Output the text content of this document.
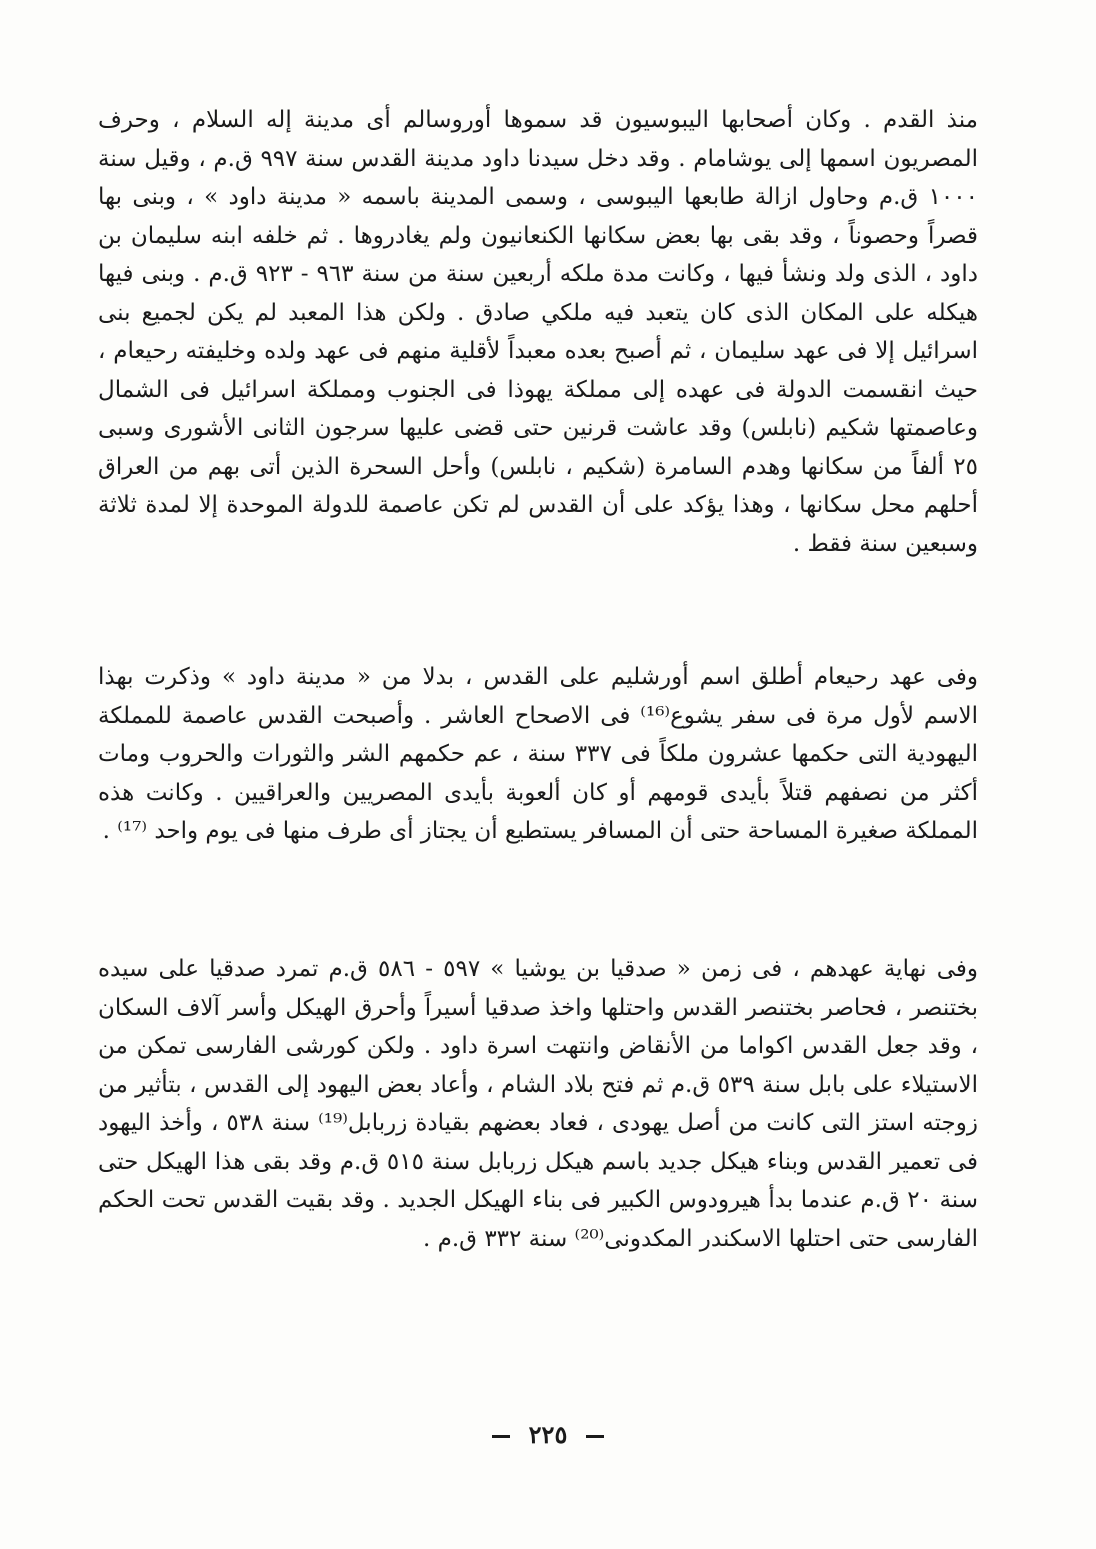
منذ القدم . وكان أصحابها اليبوسيون قد سموها أوروسالم أى مدينة إله السلام ، وحرف المصريون اسمها إلى يوشامام . وقد دخل سيدنا داود مدينة القدس سنة ٩٩٧ ق.م ، وقيل سنة ١٠٠٠ ق.م وحاول ازالة طابعها اليبوسى ، وسمى المدينة باسمه « مدينة داود » ، وبنى بها قصراً وحصوناً ، وقد بقى بها بعض سكانها الكنعانيون ولم يغادروها . ثم خلفه ابنه سليمان بن داود ، الذى ولد ونشأ فيها ، وكانت مدة ملكه أربعين سنة من سنة ٩٦٣ - ٩٢٣ ق.م . وبنى فيها هيكله على المكان الذى كان يتعبد فيه ملكي صادق . ولكن هذا المعبد لم يكن لجميع بنى اسرائيل إلا فى عهد سليمان ، ثم أصبح بعده معبداً لأقلية منهم فى عهد ولده وخليفته رحيعام ، حيث انقسمت الدولة فى عهده إلى مملكة يهوذا فى الجنوب ومملكة اسرائيل فى الشمال وعاصمتها شكيم (نابلس) وقد عاشت قرنين حتى قضى عليها سرجون الثانى الأشورى وسبى ٢٥ ألفاً من سكانها وهدم السامرة (شكيم ، نابلس) وأحل السحرة الذين أتى بهم من العراق أحلهم محل سكانها ، وهذا يؤكد على أن القدس لم تكن عاصمة للدولة الموحدة إلا لمدة ثلاثة وسبعين سنة فقط .

وفى عهد رحيعام أطلق اسم أورشليم على القدس ، بدلا من « مدينة داود » وذكرت بهذا الاسم لأول مرة فى سفر يشوع⁽¹⁶⁾ فى الاصحاح العاشر . وأصبحت القدس عاصمة للمملكة اليهودية التى حكمها عشرون ملكاً فى ٣٣٧ سنة ، عم حكمهم الشر والثورات والحروب ومات أكثر من نصفهم قتلاً بأيدى قومهم أو كان ألعوبة بأيدى المصريين والعراقيين . وكانت هذه المملكة صغيرة المساحة حتى أن المسافر يستطيع أن يجتاز أى طرف منها فى يوم واحد ⁽¹⁷⁾ .

وفى نهاية عهدهم ، فى زمن « صدقيا بن يوشيا » ٥٩٧ - ٥٨٦ ق.م تمرد صدقيا على سيده بختنصر ، فحاصر بختنصر القدس واحتلها واخذ صدقيا أسيراً وأحرق الهيكل وأسر آلاف السكان ، وقد جعل القدس اكواما من الأنقاض وانتهت اسرة داود . ولكن كورشى الفارسى تمكن من الاستيلاء على بابل سنة ٥٣٩ ق.م ثم فتح بلاد الشام ، وأعاد بعض اليهود إلى القدس ، بتأثير من زوجته استز التى كانت من أصل يهودى ، فعاد بعضهم بقيادة زربابل⁽¹⁹⁾ سنة ٥٣٨ ، وأخذ اليهود فى تعمير القدس وبناء هيكل جديد باسم هيكل زربابل سنة ٥١٥ ق.م وقد بقى هذا الهيكل حتى سنة ٢٠ ق.م عندما بدأ هيرودوس الكبير فى بناء الهيكل الجديد . وقد بقيت القدس تحت الحكم الفارسى حتى احتلها الاسكندر المكدونى⁽²⁰⁾ سنة ٣٣٢ ق.م .

٢٢٥
